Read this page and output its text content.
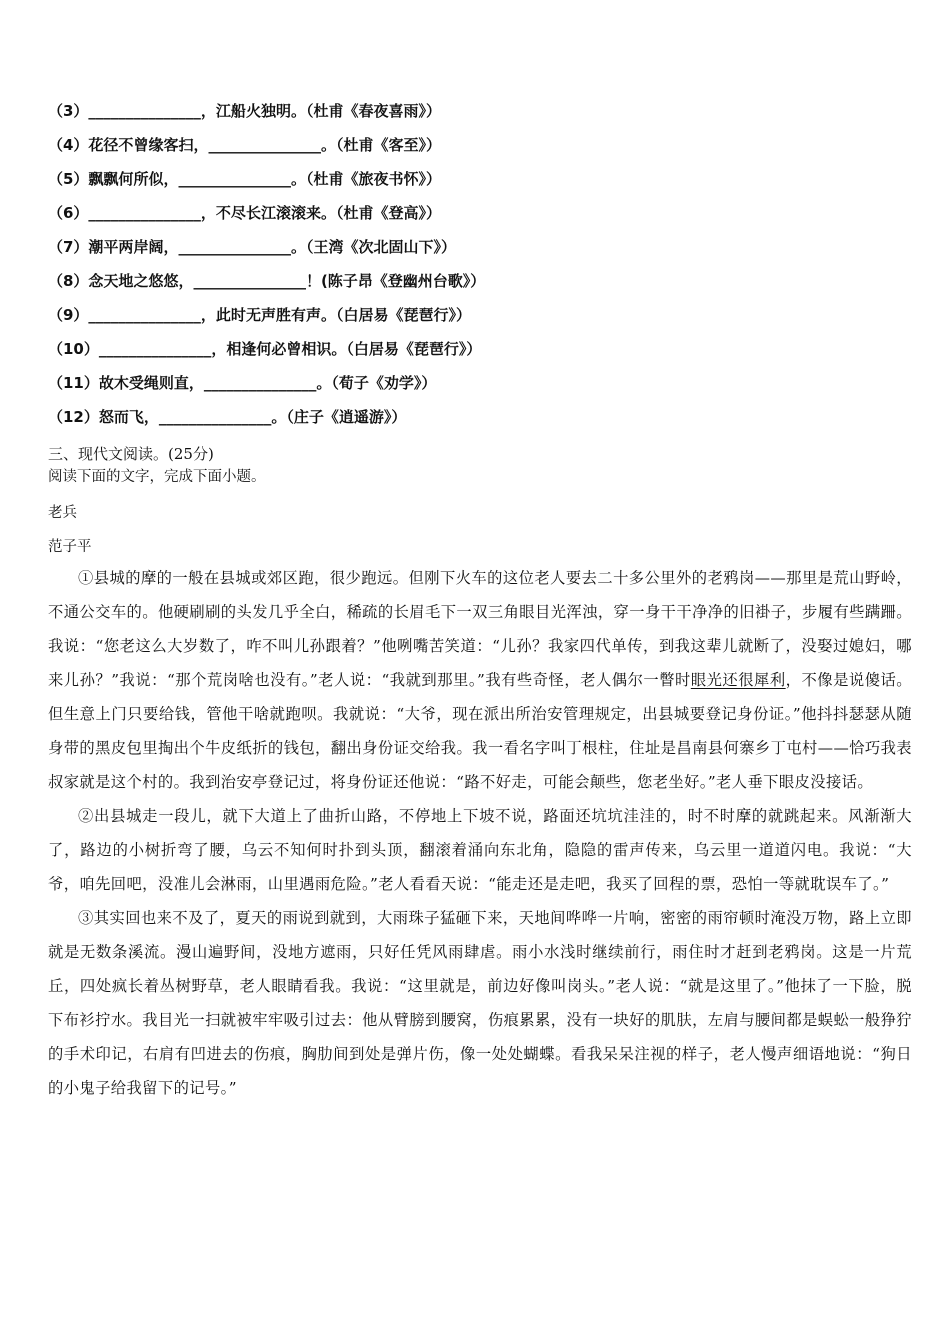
（3）_______________，江船火独明。（杜甫《春夜喜雨》）
（4）花径不曾缘客扫，_______________。（杜甫《客至》）
（5）飘飘何所似，_______________。（杜甫《旅夜书怀》）
（6）_______________，不尽长江滚滚来。（杜甫《登高》）
（7）潮平两岸阔，_______________。（王湾《次北固山下》）
（8）念天地之悠悠，_______________！(陈子昂《登幽州台歌》）
（9）_______________，此时无声胜有声。（白居易《琵琶行》）
（10）_______________，相逢何必曾相识。（白居易《琵琶行》）
（11）故木受绳则直，_______________。（荀子《劝学》）
（12）怒而飞，_______________。（庄子《逍遥游》）
三、现代文阅读。(25分)
阅读下面的文字，完成下面小题。
老兵
范子平

①县城的摩的一般在县城或郊区跑，很少跑远。但刚下火车的这位老人要去二十多公里外的老鸦岗——那里是荒山野岭，不通公交车的。他硬刷刷的头发几乎全白，稀疏的长眉毛下一双三角眼目光浑浊，穿一身干干净净的旧褂子，步履有些蹒跚。我说：“您老这么大岁数了，咋不叫儿孙跟着？”他咧嘴苦笑道：“儿孙？我家四代单传，到我这辈儿就断了，没娶过媳妇，哪来儿孙？”我说：“那个荒岗啥也没有。”老人说：“我就到那里。”我有些奇怪，老人偶尔一瞥时眼光还很犀利，不像是说傻话。但生意上门只要给钱，管他干啥就跑呗。我就说：“大爷，现在派出所治安管理规定，出县城要登记身份证。”他抖抖瑟瑟从随身带的黑皮包里掏出个牛皮纸折的钱包，翻出身份证交给我。我一看名字叫丁根柱，住址是昌南县何寨乡丁屯村——恰巧我表叔家就是这个村的。我到治安亭登记过，将身份证还他说：“路不好走，可能会颠些，您老坐好。”老人垂下眼皮没接话。

②出县城走一段儿，就下大道上了曲折山路，不停地上下坡不说，路面还坑坑洼洼的，时不时摩的就跳起来。风渐渐大了，路边的小树折弯了腰，乌云不知何时扑到头顶，翻滚着涌向东北角，隐隐的雷声传来，乌云里一道道闪电。我说：“大爷，咱先回吧，没准儿会淋雨，山里遇雨危险。”老人看看天说：“能走还是走吧，我买了回程的票，恐怕一等就耽误车了。”

③其实回也来不及了，夏天的雨说到就到，大雨珠子猛砸下来，天地间哗哗一片响，密密的雨帘顿时淹没万物，路上立即就是无数条溪流。漫山遍野间，没地方遮雨，只好任凭风雨肆虐。雨小水浅时继续前行，雨住时才赶到老鸦岗。这是一片荒丘，四处疯长着丛树野草，老人眼睛看我。我说：“这里就是，前边好像叫岗头。”老人说：“就是这里了。”他抹了一下脸，脱下布衫拧水。我目光一扫就被牢牢吸引过去：他从臂膀到腰窝，伤痕累累，没有一块好的肌肤，左肩与腰间都是蜈蚣一般狰狞的手术印记，右肩有凹进去的伤痕，胸肋间到处是弹片伤，像一处处蝴蝶。看我呆呆注视的样子，老人慢声细语地说：“狗日的小鬼子给我留下的记号。”
